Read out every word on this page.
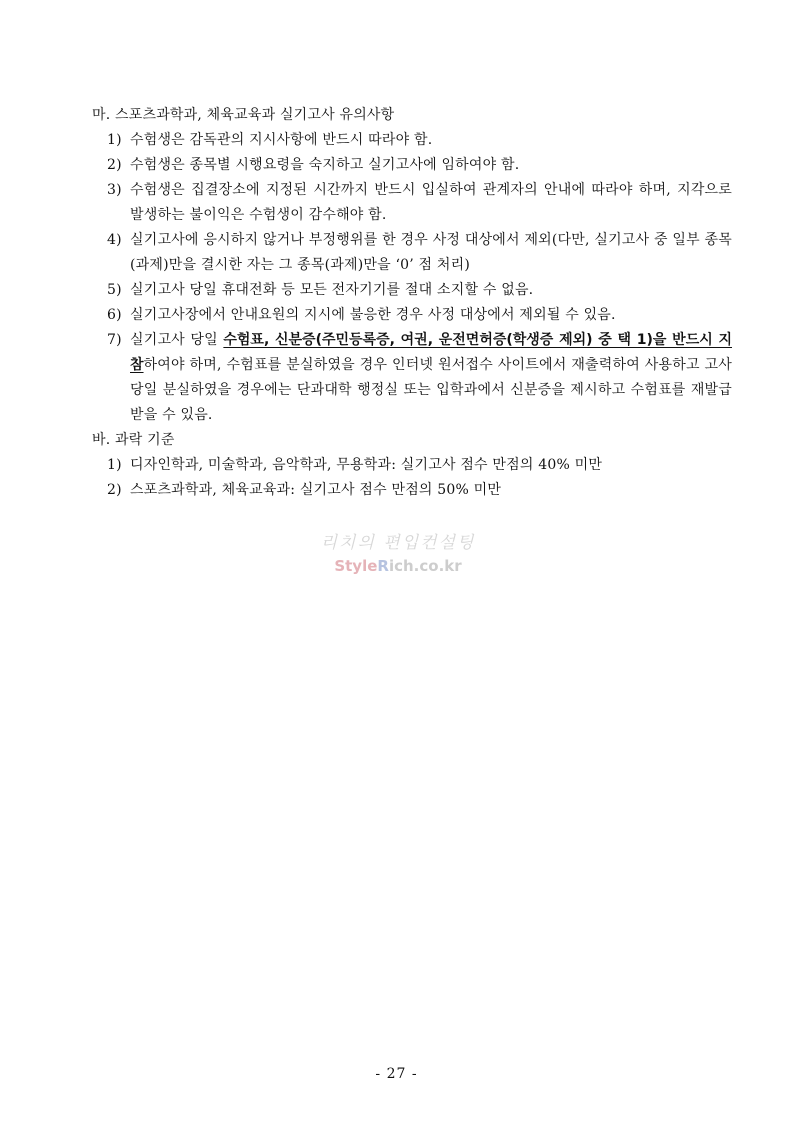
마. 스포츠과학과, 체육교육과 실기고사 유의사항

1) 수험생은 감독관의 지시사항에 반드시 따라야 함.
2) 수험생은 종목별 시행요령을 숙지하고 실기고사에 임하여야 함.
3) 수험생은 집결장소에 지정된 시간까지 반드시 입실하여 관계자의 안내에 따라야 하며, 지각으로 발생하는 불이익은 수험생이 감수해야 함.
4) 실기고사에 응시하지 않거나 부정행위를 한 경우 사정 대상에서 제외(다만, 실기고사 중 일부 종목(과제)만을 결시한 자는 그 종목(과제)만을 ‘0’ 점 처리)
5) 실기고사 당일 휴대전화 등 모든 전자기기를 절대 소지할 수 없음.
6) 실기고사장에서 안내요원의 지시에 불응한 경우 사정 대상에서 제외될 수 있음.
7) 실기고사 당일 수험표, 신분증(주민등록증, 여권, 운전면허증(학생증 제외) 중 택 1)을 반드시 지참하여야 하며, 수험표를 분실하였을 경우 인터넷 원서접수 사이트에서 재출력하여 사용하고 고사 당일 분실하였을 경우에는 단과대학 행정실 또는 입학과에서 신분증을 제시하고 수험표를 재발급 받을 수 있음.

바. 과락 기준

1) 디자인학과, 미술학과, 음악학과, 무용학과: 실기고사 점수 만점의 40% 미만
2) 스포츠과학과, 체육교육과: 실기고사 점수 만점의 50% 미만
리치의 편입컨설팅
StyleRich.co.kr
- 27 -
